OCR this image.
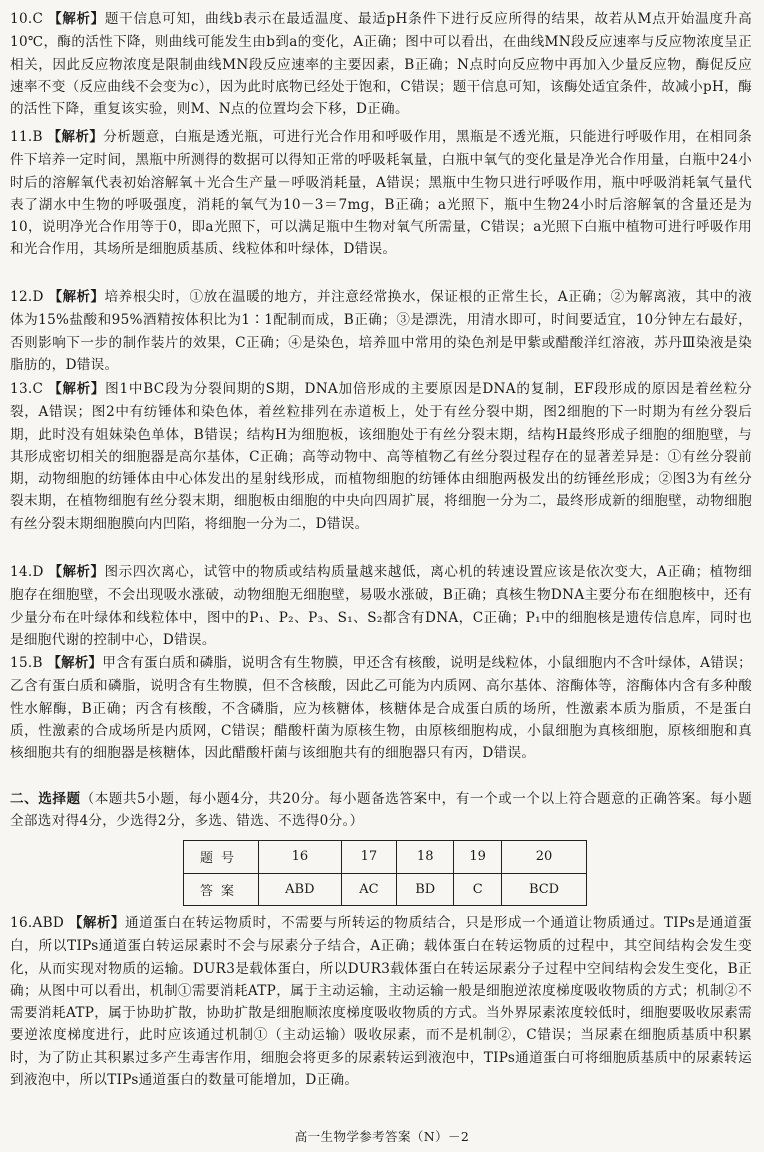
10.C 【解析】题干信息可知，曲线b表示在最适温度、最适pH条件下进行反应所得的结果，故若从M点开始温度升高10℃，酶的活性下降，则曲线可能发生由b到a的变化，A正确；图中可以看出，在曲线MN段反应速率与反应物浓度呈正相关，因此反应物浓度是限制曲线MN段反应速率的主要因素，B正确；N点时向反应物中再加入少量反应物，酶促反应速率不变（反应曲线不会变为c），因为此时底物已经处于饱和，C错误；题干信息可知，该酶处适宜条件，故减小pH，酶的活性下降，重复该实验，则M、N点的位置均会下移，D正确。

11.B 【解析】分析题意，白瓶是透光瓶，可进行光合作用和呼吸作用，黑瓶是不透光瓶，只能进行呼吸作用，在相同条件下培养一定时间，黑瓶中所测得的数据可以得知正常的呼吸耗氧量，白瓶中氧气的变化量是净光合作用量，白瓶中24小时后的溶解氧代表初始溶解氧＋光合生产量－呼吸消耗量，A错误；黑瓶中生物只进行呼吸作用，瓶中呼吸消耗氧气量代表了湖水中生物的呼吸强度，消耗的氧气为10－3＝7mg，B正确；a光照下，瓶中生物24小时后溶解氧的含量还是为10，说明净光合作用等于0，即a光照下，可以满足瓶中生物对氧气所需量，C错误；a光照下白瓶中植物可进行呼吸作用和光合作用，其场所是细胞质基质、线粒体和叶绿体，D错误。

12.D 【解析】培养根尖时，①放在温暖的地方，并注意经常换水，保证根的正常生长，A正确；②为解离液，其中的液体为15%盐酸和95%酒精按体积比为1∶1配制而成，B正确；③是漂洗，用清水即可，时间要适宜，10分钟左右最好，否则影响下一步的制作装片的效果，C正确；④是染色，培养皿中常用的染色剂是甲紫或醋酸洋红溶液，苏丹Ⅲ染液是染脂肪的，D错误。

13.C 【解析】图1中BC段为分裂间期的S期，DNA加倍形成的主要原因是DNA的复制，EF段形成的原因是着丝粒分裂，A错误；图2中有纺锤体和染色体，着丝粒排列在赤道板上，处于有丝分裂中期，图2细胞的下一时期为有丝分裂后期，此时没有姐妹染色单体，B错误；结构H为细胞板，该细胞处于有丝分裂末期，结构H最终形成子细胞的细胞壁，与其形成密切相关的细胞器是高尔基体，C正确；高等动物中、高等植物乙有丝分裂过程存在的显著差异是：①有丝分裂前期，动物细胞的纺锤体由中心体发出的星射线形成，而植物细胞的纺锤体由细胞两极发出的纺锤丝形成；②图3为有丝分裂末期，在植物细胞有丝分裂末期，细胞板由细胞的中央向四周扩展，将细胞一分为二，最终形成新的细胞壁，动物细胞有丝分裂末期细胞膜向内凹陷，将细胞一分为二，D错误。

14.D 【解析】图示四次离心，试管中的物质或结构质量越来越低，离心机的转速设置应该是依次变大，A正确；植物细胞存在细胞壁，不会出现吸水涨破，动物细胞无细胞壁，易吸水涨破，B正确；真核生物DNA主要分布在细胞核中，还有少量分布在叶绿体和线粒体中，图中的P₁、P₂、P₃、S₁、S₂都含有DNA，C正确；P₁中的细胞核是遗传信息库，同时也是细胞代谢的控制中心，D错误。

15.B 【解析】甲含有蛋白质和磷脂，说明含有生物膜，甲还含有核酸，说明是线粒体，小鼠细胞内不含叶绿体，A错误；乙含有蛋白质和磷脂，说明含有生物膜，但不含核酸，因此乙可能为内质网、高尔基体、溶酶体等，溶酶体内含有多种酸性水解酶，B正确；丙含有核酸，不含磷脂，应为核糖体，核糖体是合成蛋白质的场所，性激素本质为脂质，不是蛋白质，性激素的合成场所是内质网，C错误；醋酸杆菌为原核生物，由原核细胞构成，小鼠细胞为真核细胞，原核细胞和真核细胞共有的细胞器是核糖体，因此醋酸杆菌与该细胞共有的细胞器只有丙，D错误。

二、选择题（本题共5小题，每小题4分，共20分。每小题备选答案中，有一个或一个以上符合题意的正确答案。每小题全部选对得4分，少选得2分，多选、错选、不选得0分。）

题号	16	17	18	19	20
答案	ABD	AC	BD	C	BCD

16.ABD 【解析】通道蛋白在转运物质时，不需要与所转运的物质结合，只是形成一个通道让物质通过。TIPs是通道蛋白，所以TIPs通道蛋白转运尿素时不会与尿素分子结合，A正确；载体蛋白在转运物质的过程中，其空间结构会发生变化，从而实现对物质的运输。DUR3是载体蛋白，所以DUR3载体蛋白在转运尿素分子过程中空间结构会发生变化，B正确；从图中可以看出，机制①需要消耗ATP，属于主动运输，主动运输一般是细胞逆浓度梯度吸收物质的方式；机制②不需要消耗ATP，属于协助扩散，协助扩散是细胞顺浓度梯度吸收物质的方式。当外界尿素浓度较低时，细胞要吸收尿素需要逆浓度梯度进行，此时应该通过机制①（主动运输）吸收尿素，而不是机制②，C错误；当尿素在细胞质基质中积累时，为了防止其积累过多产生毒害作用，细胞会将更多的尿素转运到液泡中，TIPs通道蛋白可将细胞质基质中的尿素转运到液泡中，所以TIPs通道蛋白的数量可能增加，D正确。

高一生物学参考答案（N）－2
